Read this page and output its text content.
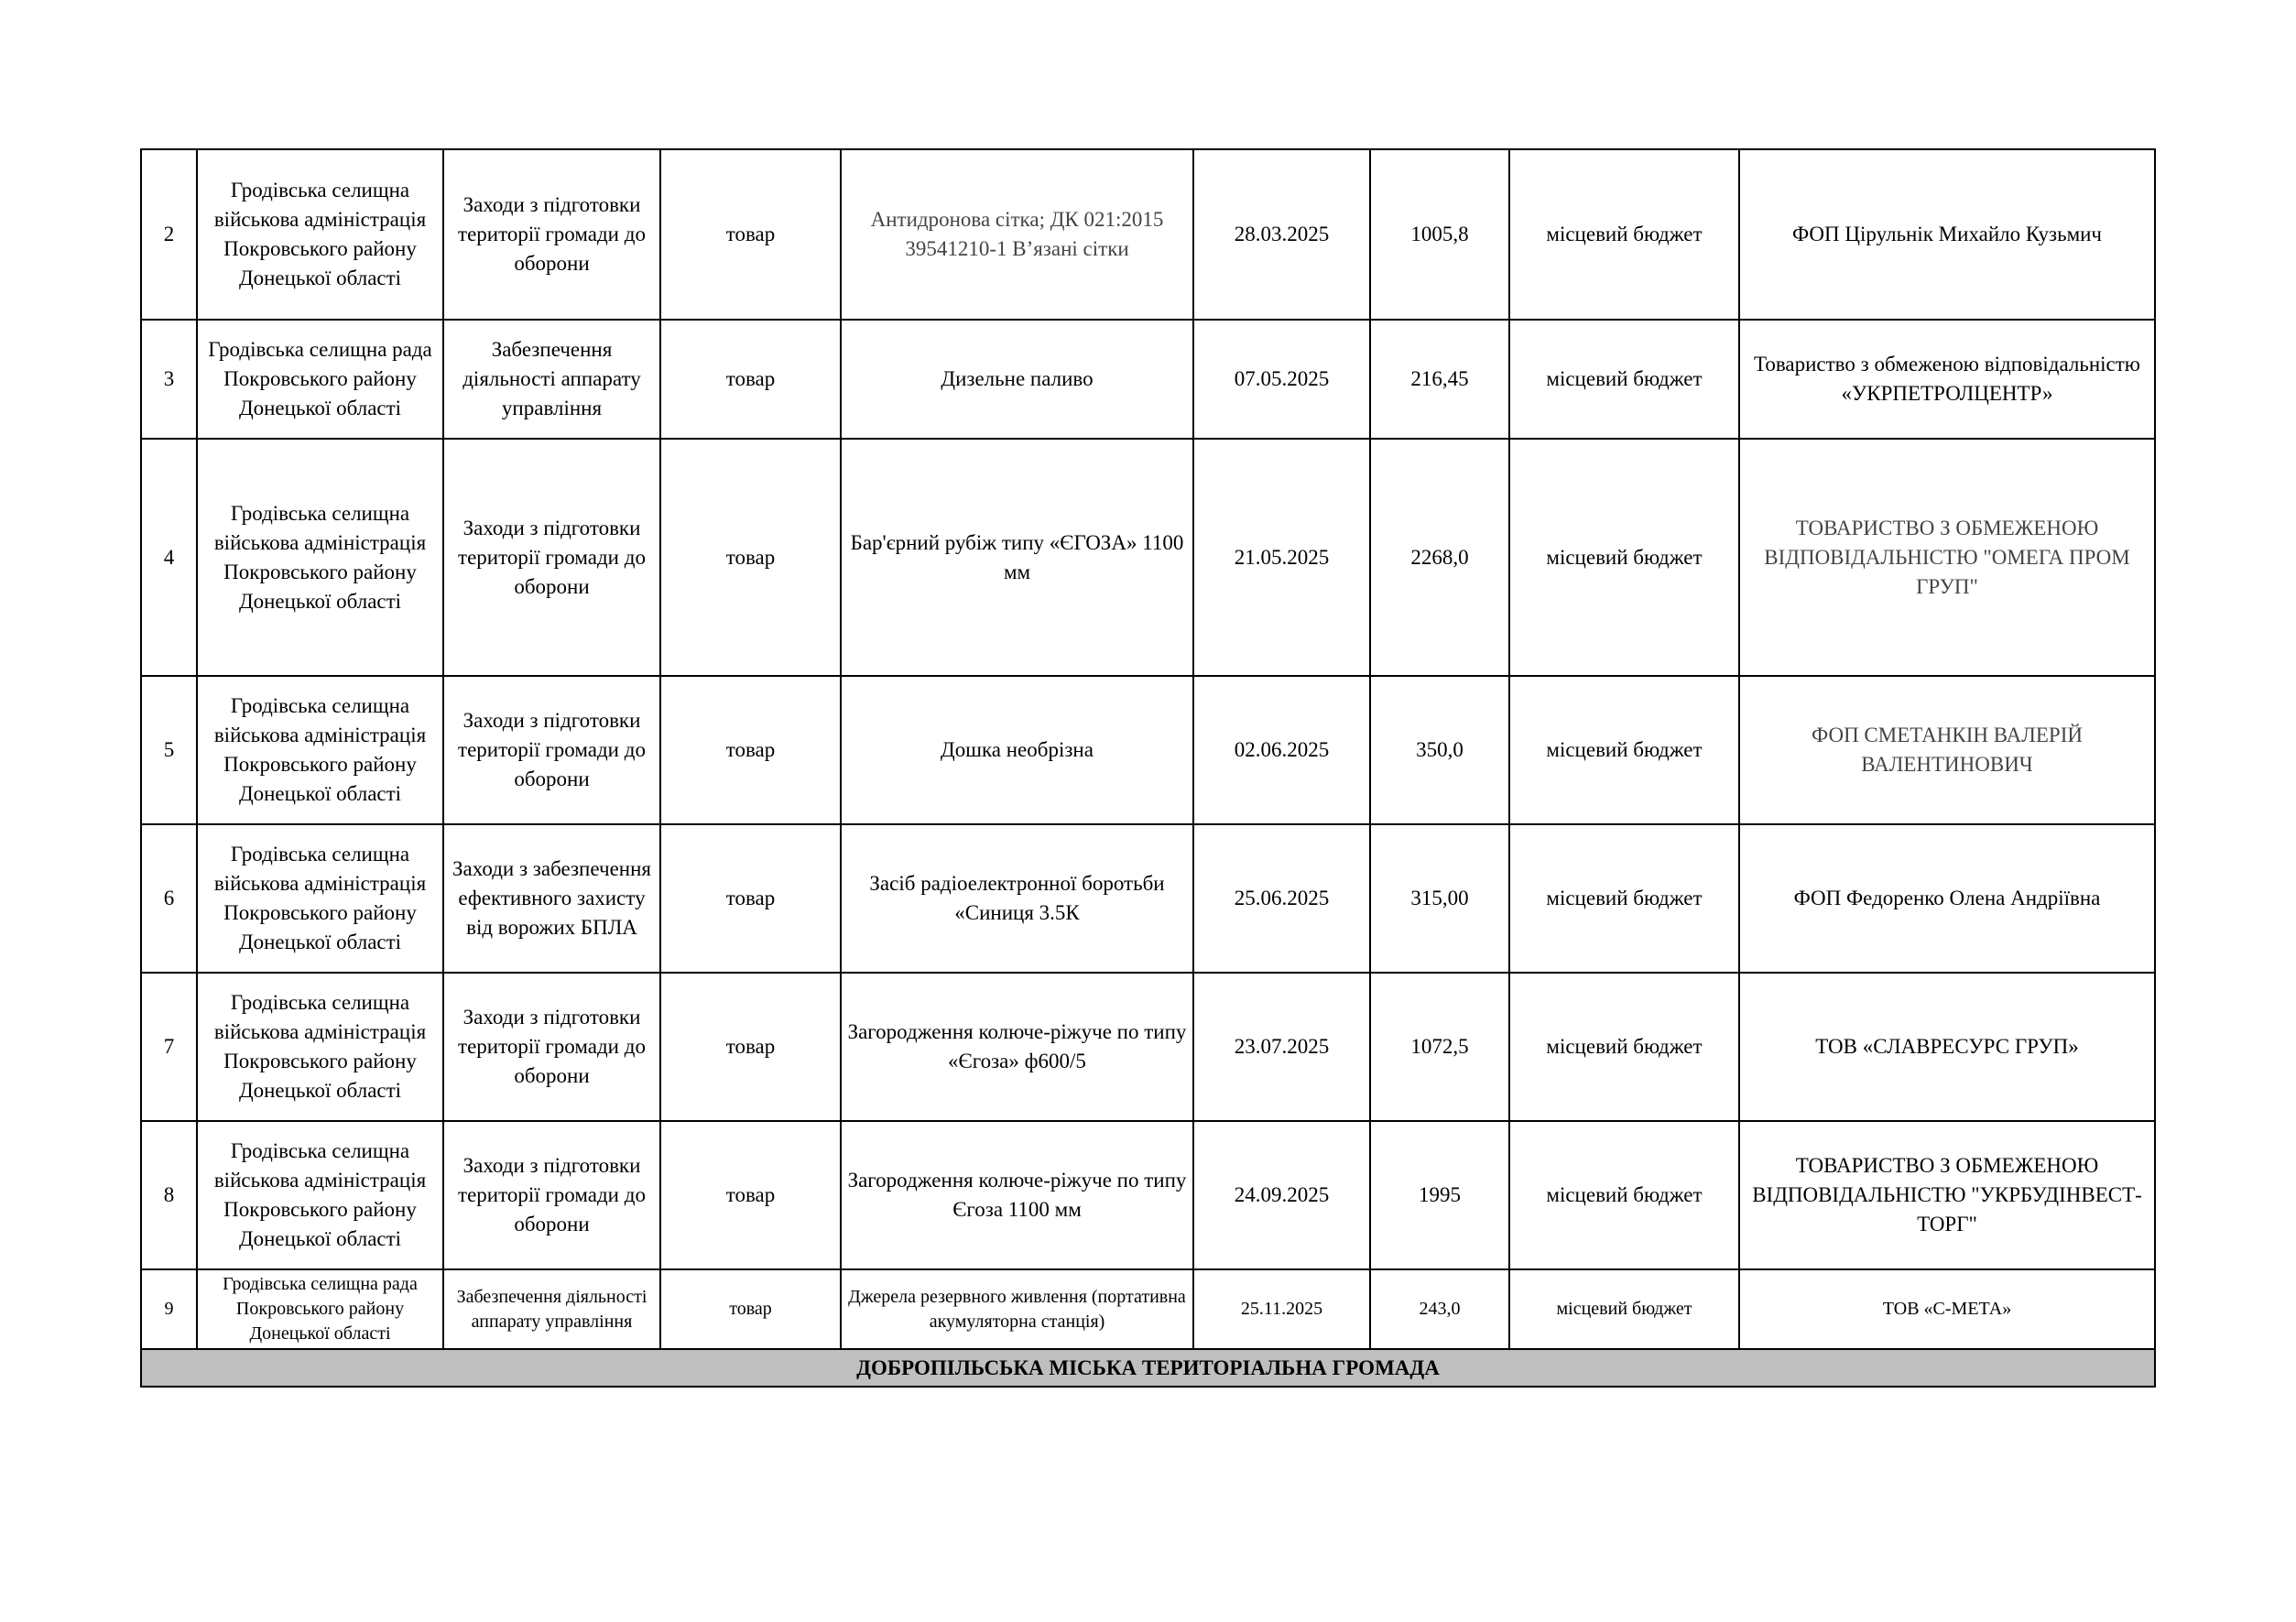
2	Гродівська селищна військова адміністрація Покровського району Донецької області	Заходи з підготовки території громади до оборони	товар	Антидронова сітка; ДК 021:2015 39541210-1 В’язані сітки	28.03.2025	1005,8	місцевий бюджет	ФОП Цірульнік Михайло Кузьмич
3	Гродівська селищна рада Покровського району Донецької області	Забезпечення діяльності аппарату управління	товар	Дизельне паливо	07.05.2025	216,45	місцевий бюджет	Товариство з обмеженою відповідальністю «УКРПЕТРОЛЦЕНТР»
4	Гродівська селищна військова адміністрація Покровського району Донецької області	Заходи з підготовки території громади до оборони	товар	Бар'єрний рубіж типу «ЄГОЗА» 1100 мм	21.05.2025	2268,0	місцевий бюджет	ТОВАРИСТВО З ОБМЕЖЕНОЮ ВІДПОВІДАЛЬНІСТЮ "ОМЕГА ПРОМ ГРУП"
5	Гродівська селищна військова адміністрація Покровського району Донецької області	Заходи з підготовки території громади до оборони	товар	Дошка необрізна	02.06.2025	350,0	місцевий бюджет	ФОП СМЕТАНКІН ВАЛЕРІЙ ВАЛЕНТИНОВИЧ
6	Гродівська селищна військова адміністрація Покровського району Донецької області	Заходи з забезпечення ефективного захисту від ворожих БПЛА	товар	Засіб радіоелектронної боротьби «Синиця 3.5К	25.06.2025	315,00	місцевий бюджет	ФОП Федоренко Олена Андріївна
7	Гродівська селищна військова адміністрація Покровського району Донецької області	Заходи з підготовки території громади до оборони	товар	Загородження колюче-ріжуче по типу «Єгоза» ф600/5	23.07.2025	1072,5	місцевий бюджет	ТОВ «СЛАВРЕСУРС ГРУП»
8	Гродівська селищна військова адміністрація Покровського району Донецької області	Заходи з підготовки території громади до оборони	товар	Загородження колюче-ріжуче по типу Єгоза 1100 мм	24.09.2025	1995	місцевий бюджет	ТОВАРИСТВО З ОБМЕЖЕНОЮ ВІДПОВІДАЛЬНІСТЮ "УКРБУДІНВЕСТ-ТОРГ"
9	Гродівська селищна рада Покровського району Донецької області	Забезпечення діяльності аппарату управління	товар	Джерела резервного живлення (портативна акумуляторна станція)	25.11.2025	243,0	місцевий бюджет	ТОВ «С-МЕТА»
ДОБРОПІЛЬСЬКА МІСЬКА ТЕРИТОРІАЛЬНА ГРОМАДА								
